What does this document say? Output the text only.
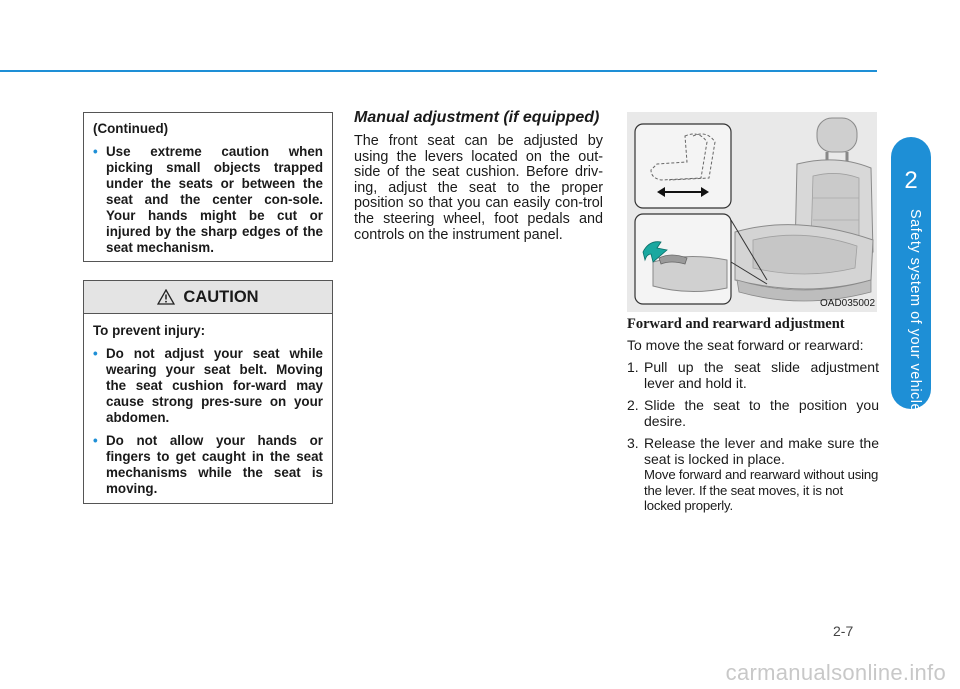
2
Safety system of your vehicle

(Continued)

• Use extreme caution when picking small objects trapped under the seats or between the seat and the center con-sole. Your hands might be cut or injured by the sharp edges of the seat mechanism.
CAUTION

To prevent injury:

• Do not adjust your seat while wearing your seat belt. Moving the seat cushion for-ward may cause strong pres-sure on your abdomen.
• Do not allow your hands or fingers to get caught in the seat mechanisms while the seat is moving.
Manual adjustment (if equipped)

The front seat can be adjusted by using the levers located on the out-side of the seat cushion. Before driv-ing, adjust the seat to the proper position so that you can easily con-trol the steering wheel, foot pedals and controls on the instrument panel.

OAD035002
Forward and rearward adjustment

To move the seat forward or rearward:

1. Pull up the seat slide adjustment lever and hold it.
2. Slide the seat to the position you desire.
3. Release the lever and make sure the seat is locked in place.
Move forward and rearward without using the lever. If the seat moves, it is not locked properly.
2-7
carmanualsonline.info
